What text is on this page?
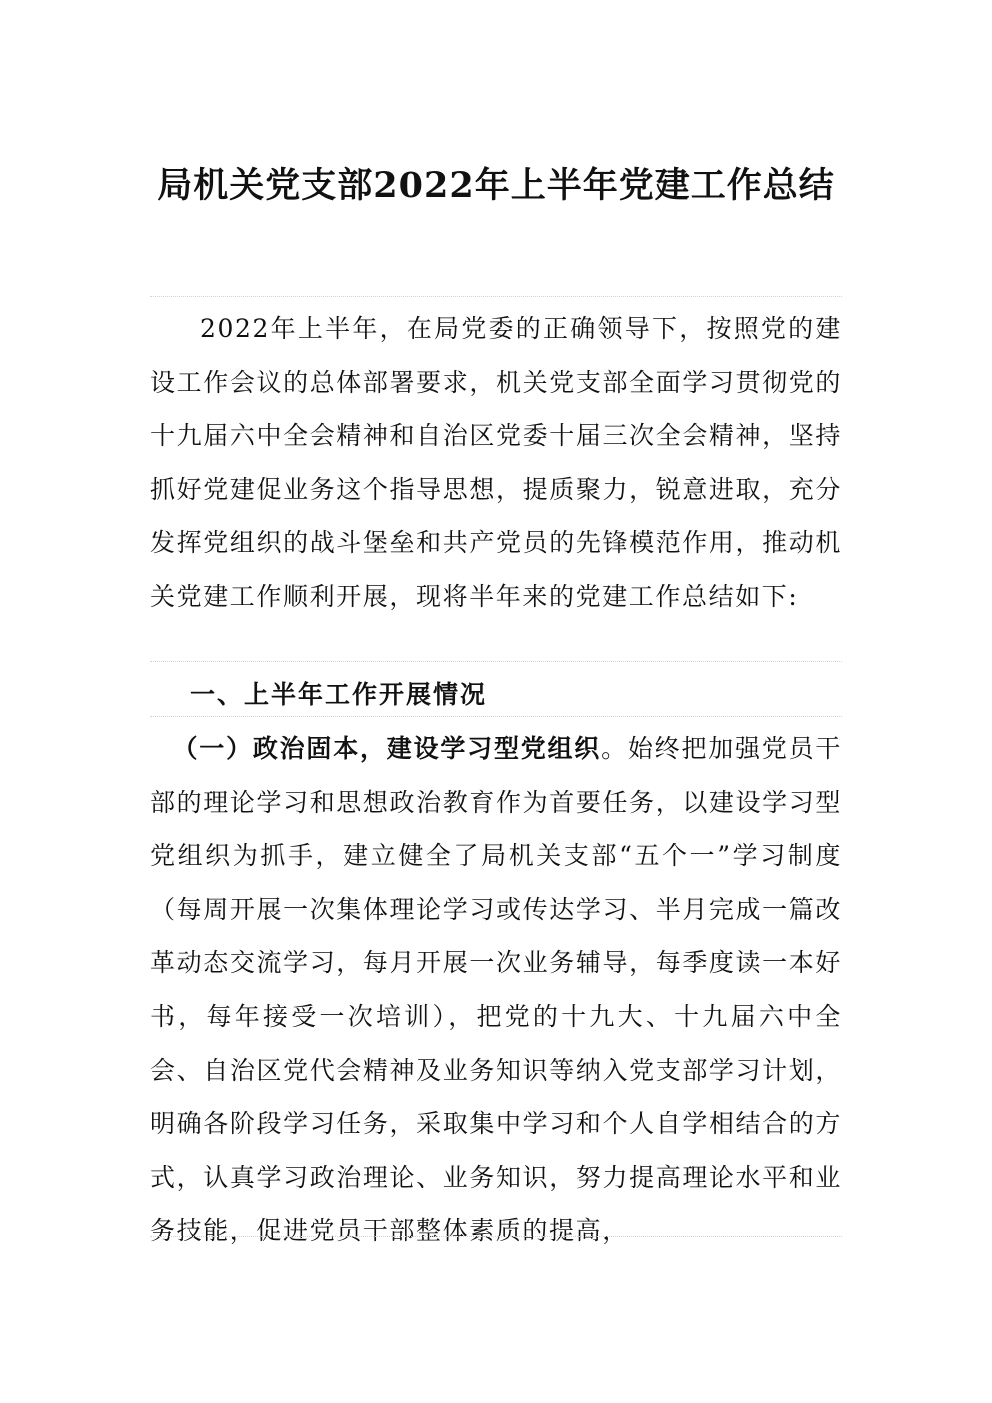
局机关党支部2022年上半年党建工作总结
2022年上半年，在局党委的正确领导下，按照党的建设工作会议的总体部署要求，机关党支部全面学习贯彻党的十九届六中全会精神和自治区党委十届三次全会精神，坚持抓好党建促业务这个指导思想，提质聚力，锐意进取，充分发挥党组织的战斗堡垒和共产党员的先锋模范作用，推动机关党建工作顺利开展，现将半年来的党建工作总结如下:
一、上半年工作开展情况
（一）政治固本，建设学习型党组织。始终把加强党员干部的理论学习和思想政治教育作为首要任务，以建设学习型党组织为抓手，建立健全了局机关支部“五个一”学习制度（每周开展一次集体理论学习或传达学习、半月完成一篇改革动态交流学习，每月开展一次业务辅导，每季度读一本好书，每年接受一次培训），把党的十九大、十九届六中全会、自治区党代会精神及业务知识等纳入党支部学习计划，明确各阶段学习任务，采取集中学习和个人自学相结合的方式，认真学习政治理论、业务知识，努力提高理论水平和业务技能，促进党员干部整体素质的提高，
